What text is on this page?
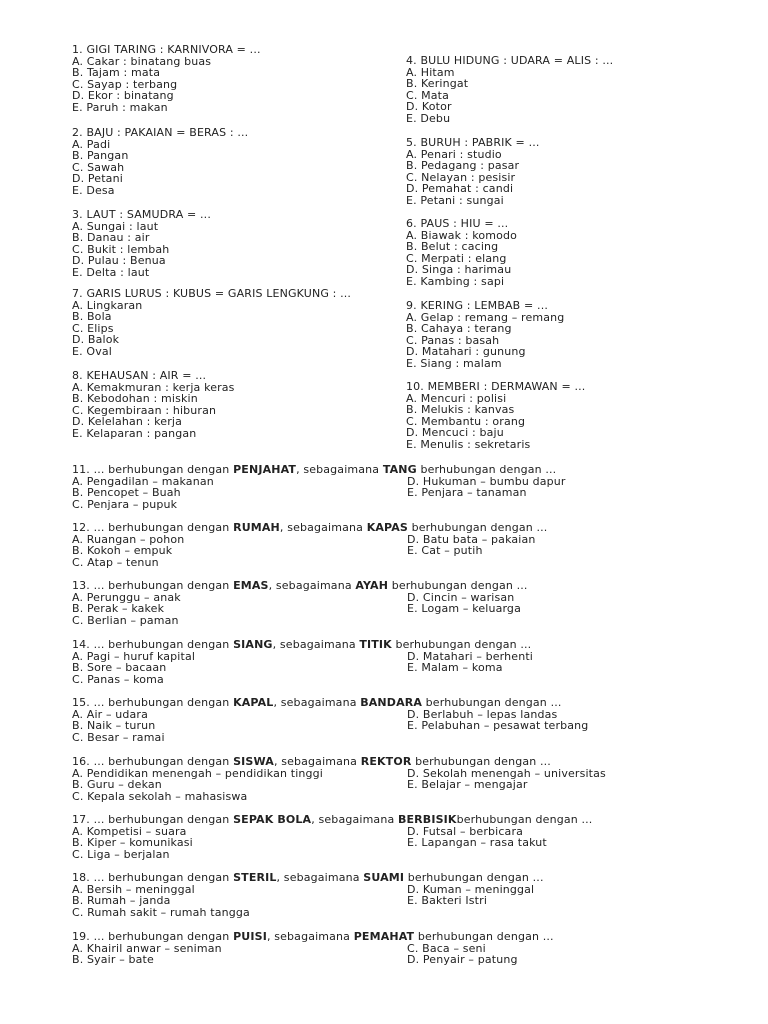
1. GIGI TARING : KARNIVORA = ...
A. Cakar : binatang buas
B. Tajam : mata
C. Sayap : terbang
D. Ekor : binatang
E. Paruh : makan
2. BAJU : PAKAIAN = BERAS : ...
A. Padi
B. Pangan
C. Sawah
D. Petani
E. Desa
3. LAUT : SAMUDRA = ...
A. Sungai : laut
B. Danau : air
C. Bukit : lembah
D. Pulau : Benua
E. Delta : laut
4. BULU HIDUNG : UDARA = ALIS : ...
A. Hitam
B. Keringat
C. Mata
D. Kotor
E. Debu
5. BURUH : PABRIK = ...
A. Penari : studio
B. Pedagang : pasar
C. Nelayan : pesisir
D. Pemahat : candi
E. Petani : sungai
6. PAUS : HIU = ...
A. Biawak : komodo
B. Belut : cacing
C. Merpati : elang
D. Singa : harimau
E. Kambing : sapi
7. GARIS LURUS : KUBUS = GARIS LENGKUNG : ...
A. Lingkaran
B. Bola
C. Elips
D. Balok
E. Oval
9. KERING : LEMBAB = ...
A. Gelap : remang – remang
B. Cahaya : terang
C. Panas : basah
D. Matahari : gunung
E. Siang : malam
8. KEHAUSAN : AIR = ...
A. Kemakmuran : kerja keras
B. Kebodohan : miskin
C. Kegembiraan : hiburan
D. Kelelahan : kerja
E. Kelaparan : pangan
10. MEMBERI : DERMAWAN = ...
A. Mencuri : polisi
B. Melukis : kanvas
C. Membantu : orang
D. Mencuci : baju
E. Menulis : sekretaris
11. ... berhubungan dengan PENJAHAT, sebagaimana TANG berhubungan dengan ...
A. Pengadilan – makanan
B. Pencopet – Buah
C. Penjara – pupuk
D. Hukuman – bumbu dapur
E. Penjara – tanaman
12. ... berhubungan dengan RUMAH, sebagaimana KAPAS berhubungan dengan ...
A. Ruangan – pohon
B. Kokoh – empuk
C. Atap – tenun
D. Batu bata – pakaian
E. Cat – putih
13. ... berhubungan dengan EMAS, sebagaimana AYAH berhubungan dengan ...
A. Perunggu – anak
B. Perak – kakek
C. Berlian – paman
D. Cincin – warisan
E. Logam – keluarga
14. ... berhubungan dengan SIANG, sebagaimana TITIK berhubungan dengan ...
A. Pagi – huruf kapital
B. Sore – bacaan
C. Panas – koma
D. Matahari – berhenti
E. Malam – koma
15. ... berhubungan dengan KAPAL, sebagaimana BANDARA berhubungan dengan ...
A. Air – udara
B. Naik – turun
C. Besar – ramai
D. Berlabuh – lepas landas
E. Pelabuhan – pesawat terbang
16. ... berhubungan dengan SISWA, sebagaimana REKTOR berhubungan dengan ...
A. Pendidikan menengah – pendidikan tinggi
B. Guru – dekan
C. Kepala sekolah – mahasiswa
D. Sekolah menengah – universitas
E. Belajar – mengajar
17. ... berhubungan dengan SEPAK BOLA, sebagaimana BERBISIKberhubungan dengan ...
A. Kompetisi – suara
B. Kiper – komunikasi
C. Liga – berjalan
D. Futsal – berbicara
E. Lapangan – rasa takut
18. ... berhubungan dengan STERIL, sebagaimana SUAMI berhubungan dengan ...
A. Bersih – meninggal
B. Rumah – janda
C. Rumah sakit – rumah tangga
D. Kuman – meninggal
E. Bakteri Istri
19. ... berhubungan dengan PUISI, sebagaimana PEMAHAT berhubungan dengan ...
A. Khairil anwar – seniman
B. Syair – bate
C. Baca – seni
D. Penyair – patung
